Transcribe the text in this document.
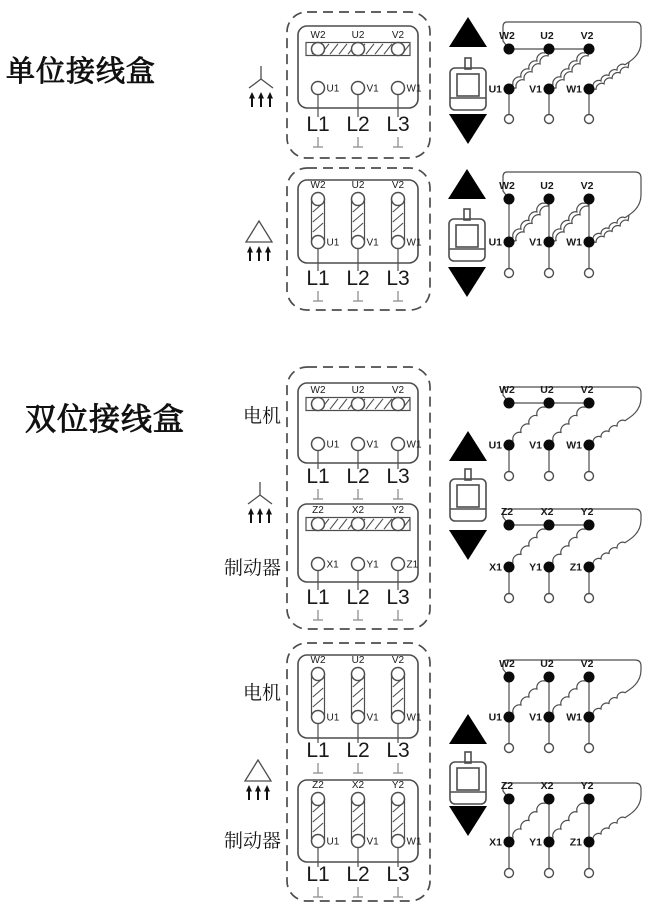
单位接线盒
双位接线盒
W2
U1
L1
U2
V1
L2
V2
W1
L3
W2
U1
U2
V1
V2
W1
W2
U1
L1
U2
V1
L2
V2
W1
L3
W2
U1
U2
V1
V2
W1
W2
U1
L1
U2
V1
L2
V2
W1
L3
W2
U1
U2
V1
V2
W1
Z2
X1
L1
X2
Y1
L2
Y2
Z1
L3
Z2
X1
X2
Y1
Y2
Z1
W2
U1
L1
U2
V1
L2
V2
W1
L3
W2
U1
U2
V1
V2
W1
Z2
U1
L1
X2
V1
L2
Y2
W1
L3
Z2
X1
X2
Y1
Y2
Z1
电机
制动器
电机
制动器
